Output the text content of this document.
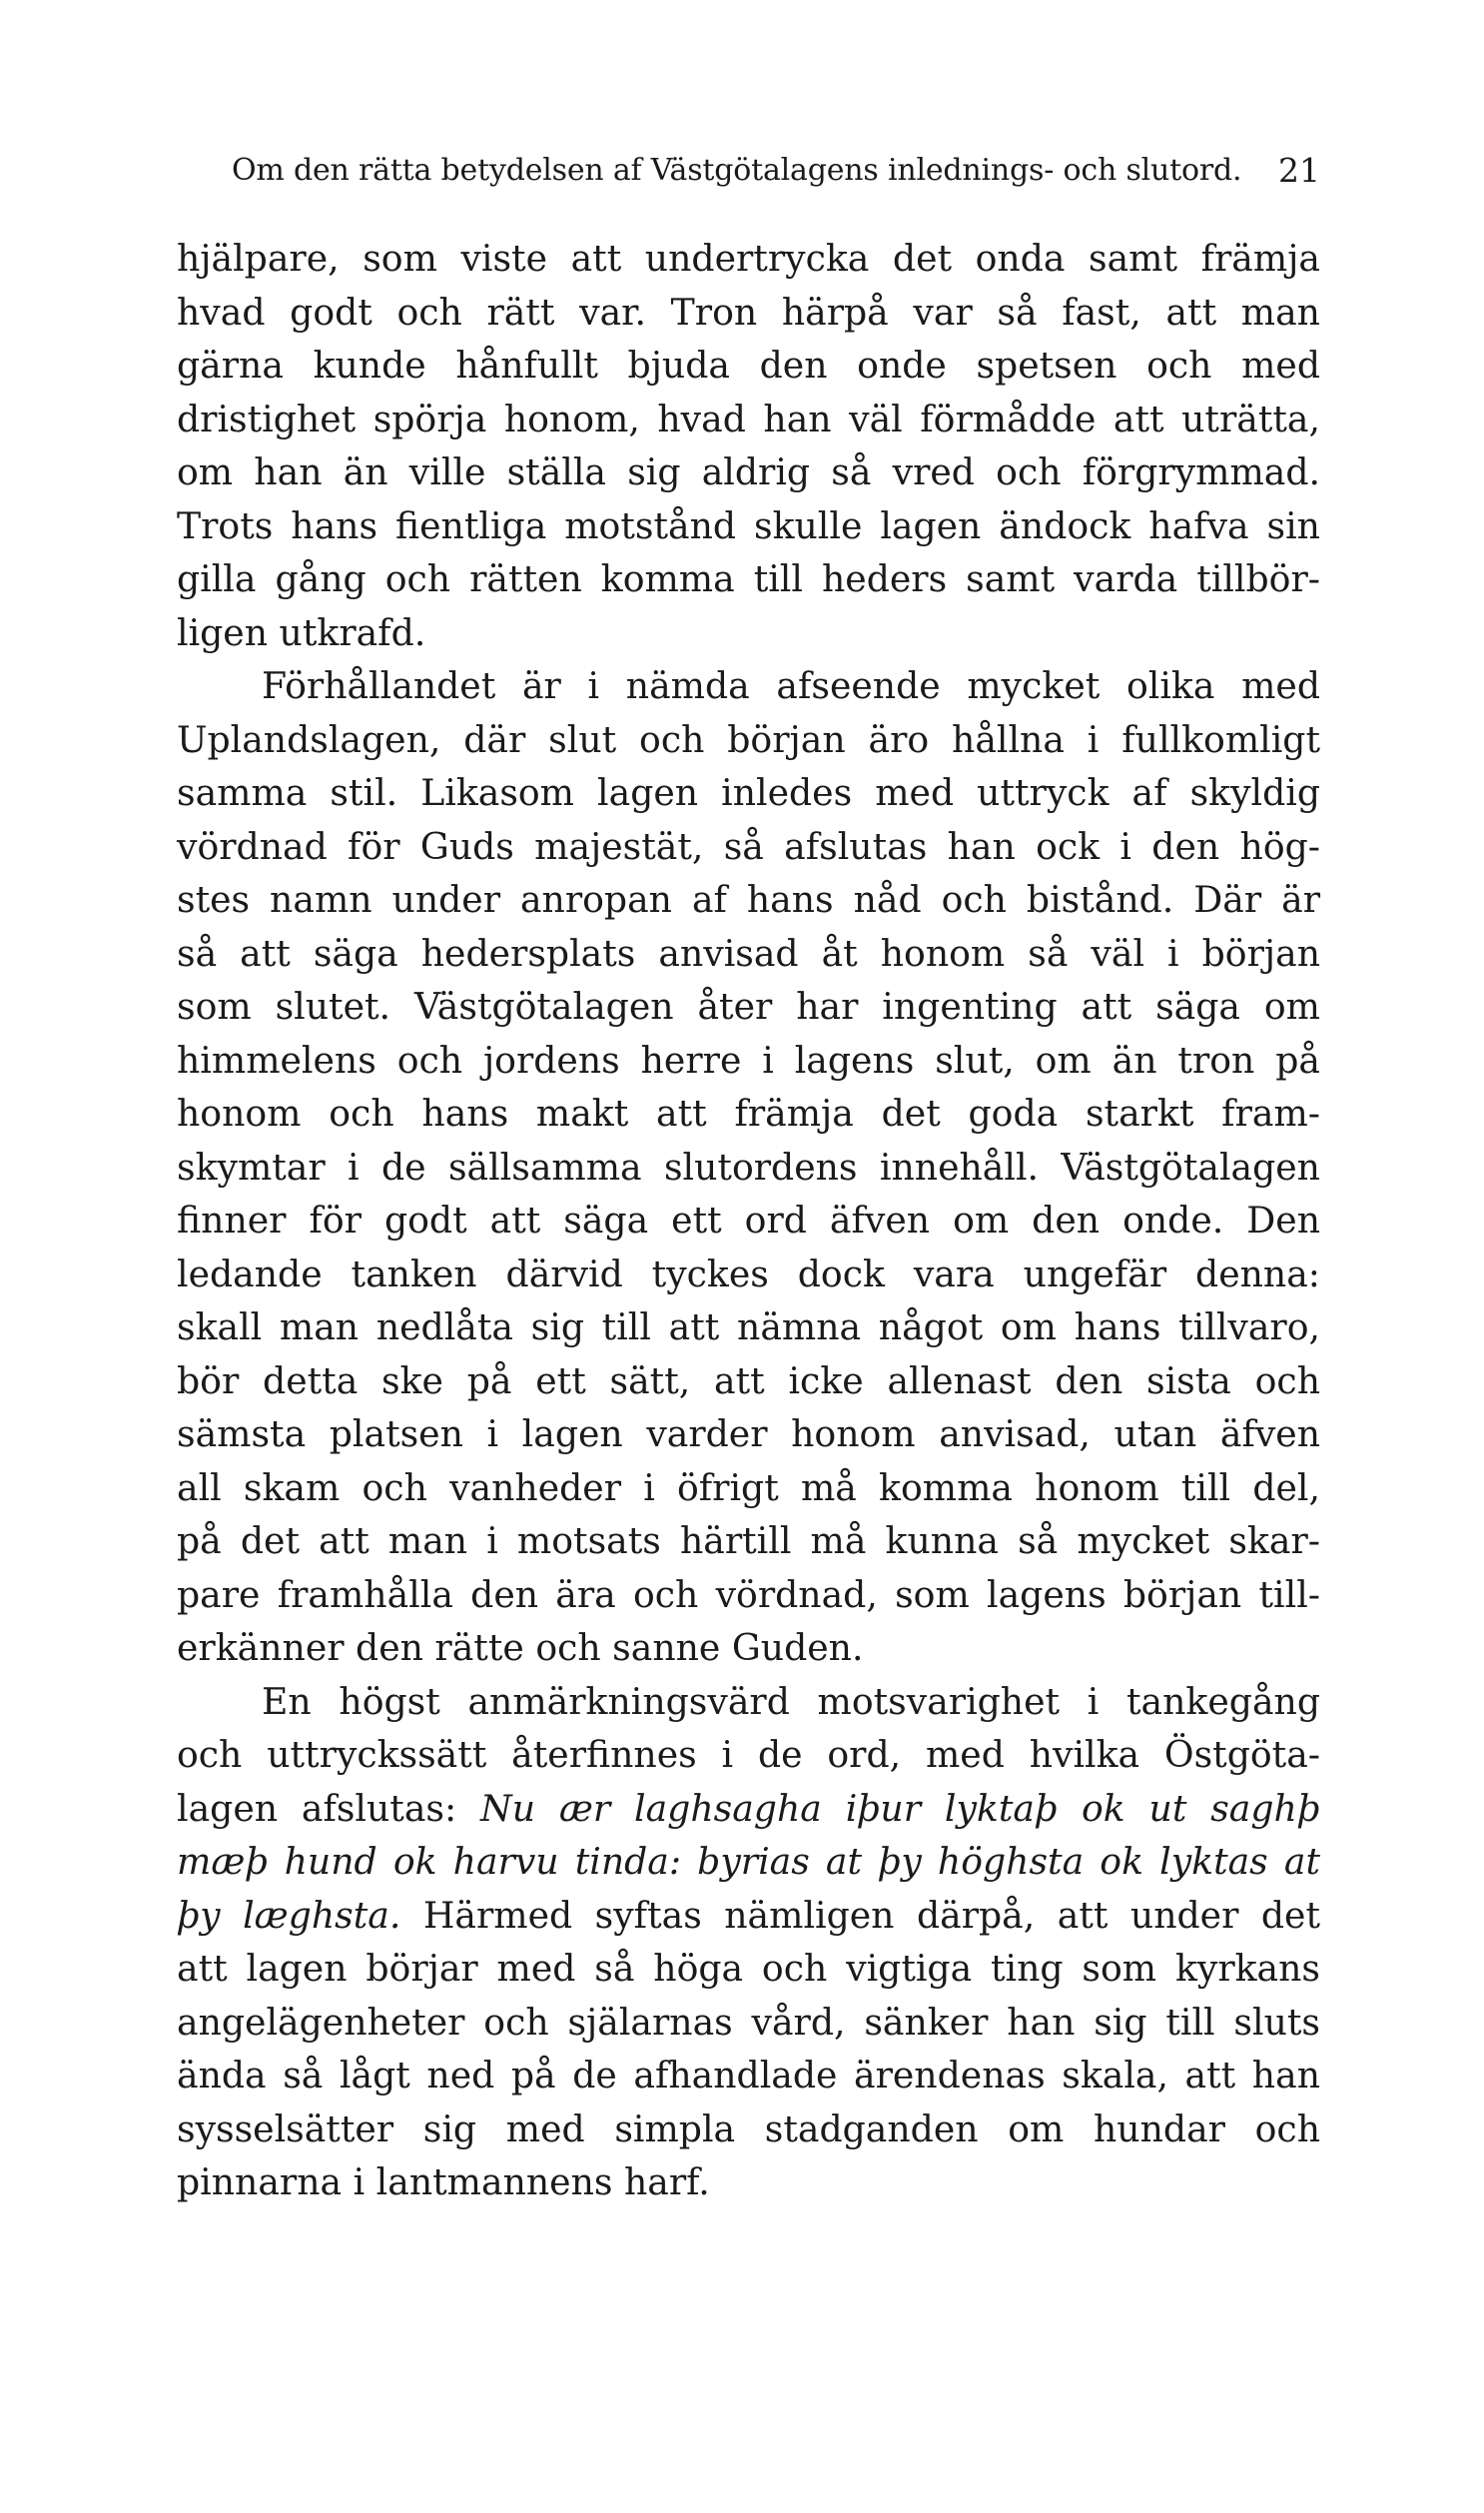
Om den rätta betydelsen af Västgötalagens inlednings- och slutord. 21
hjälpare, som viste att undertrycka det onda samt främja
hvad godt och rätt var. Tron härpå var så fast, att man
gärna kunde hånfullt bjuda den onde spetsen och med
dristighet spörja honom, hvad han väl förmådde att uträtta,
om han än ville ställa sig aldrig så vred och förgrymmad.
Trots hans fientliga motstånd skulle lagen ändock hafva sin
gilla gång och rätten komma till heders samt varda tillbör-
ligen utkrafd.
Förhållandet är i nämda afseende mycket olika med
Uplandslagen, där slut och början äro hållna i fullkomligt
samma stil. Likasom lagen inledes med uttryck af skyldig
vördnad för Guds majestät, så afslutas han ock i den hög-
stes namn under anropan af hans nåd och bistånd. Där är
så att säga hedersplats anvisad åt honom så väl i början
som slutet. Västgötalagen åter har ingenting att säga om
himmelens och jordens herre i lagens slut, om än tron på
honom och hans makt att främja det goda starkt fram-
skymtar i de sällsamma slutordens innehåll. Västgötalagen
finner för godt att säga ett ord äfven om den onde. Den
ledande tanken därvid tyckes dock vara ungefär denna:
skall man nedlåta sig till att nämna något om hans tillvaro,
bör detta ske på ett sätt, att icke allenast den sista och
sämsta platsen i lagen varder honom anvisad, utan äfven
all skam och vanheder i öfrigt må komma honom till del,
på det att man i motsats härtill må kunna så mycket skar-
pare framhålla den ära och vördnad, som lagens början till-
erkänner den rätte och sanne Guden.
En högst anmärkningsvärd motsvarighet i tankegång
och uttryckssätt återfinnes i de ord, med hvilka Östgöta-
lagen afslutas: Nu ær laghsagha iþur lyktaþ ok ut saghþ
mæþ hund ok harvu tinda: byrias at þy höghsta ok lyktas at
þy læghsta. Härmed syftas nämligen därpå, att under det
att lagen börjar med så höga och vigtiga ting som kyrkans
angelägenheter och själarnas vård, sänker han sig till sluts
ända så lågt ned på de afhandlade ärendenas skala, att han
sysselsätter sig med simpla stadganden om hundar och
pinnarna i lantmannens harf.
